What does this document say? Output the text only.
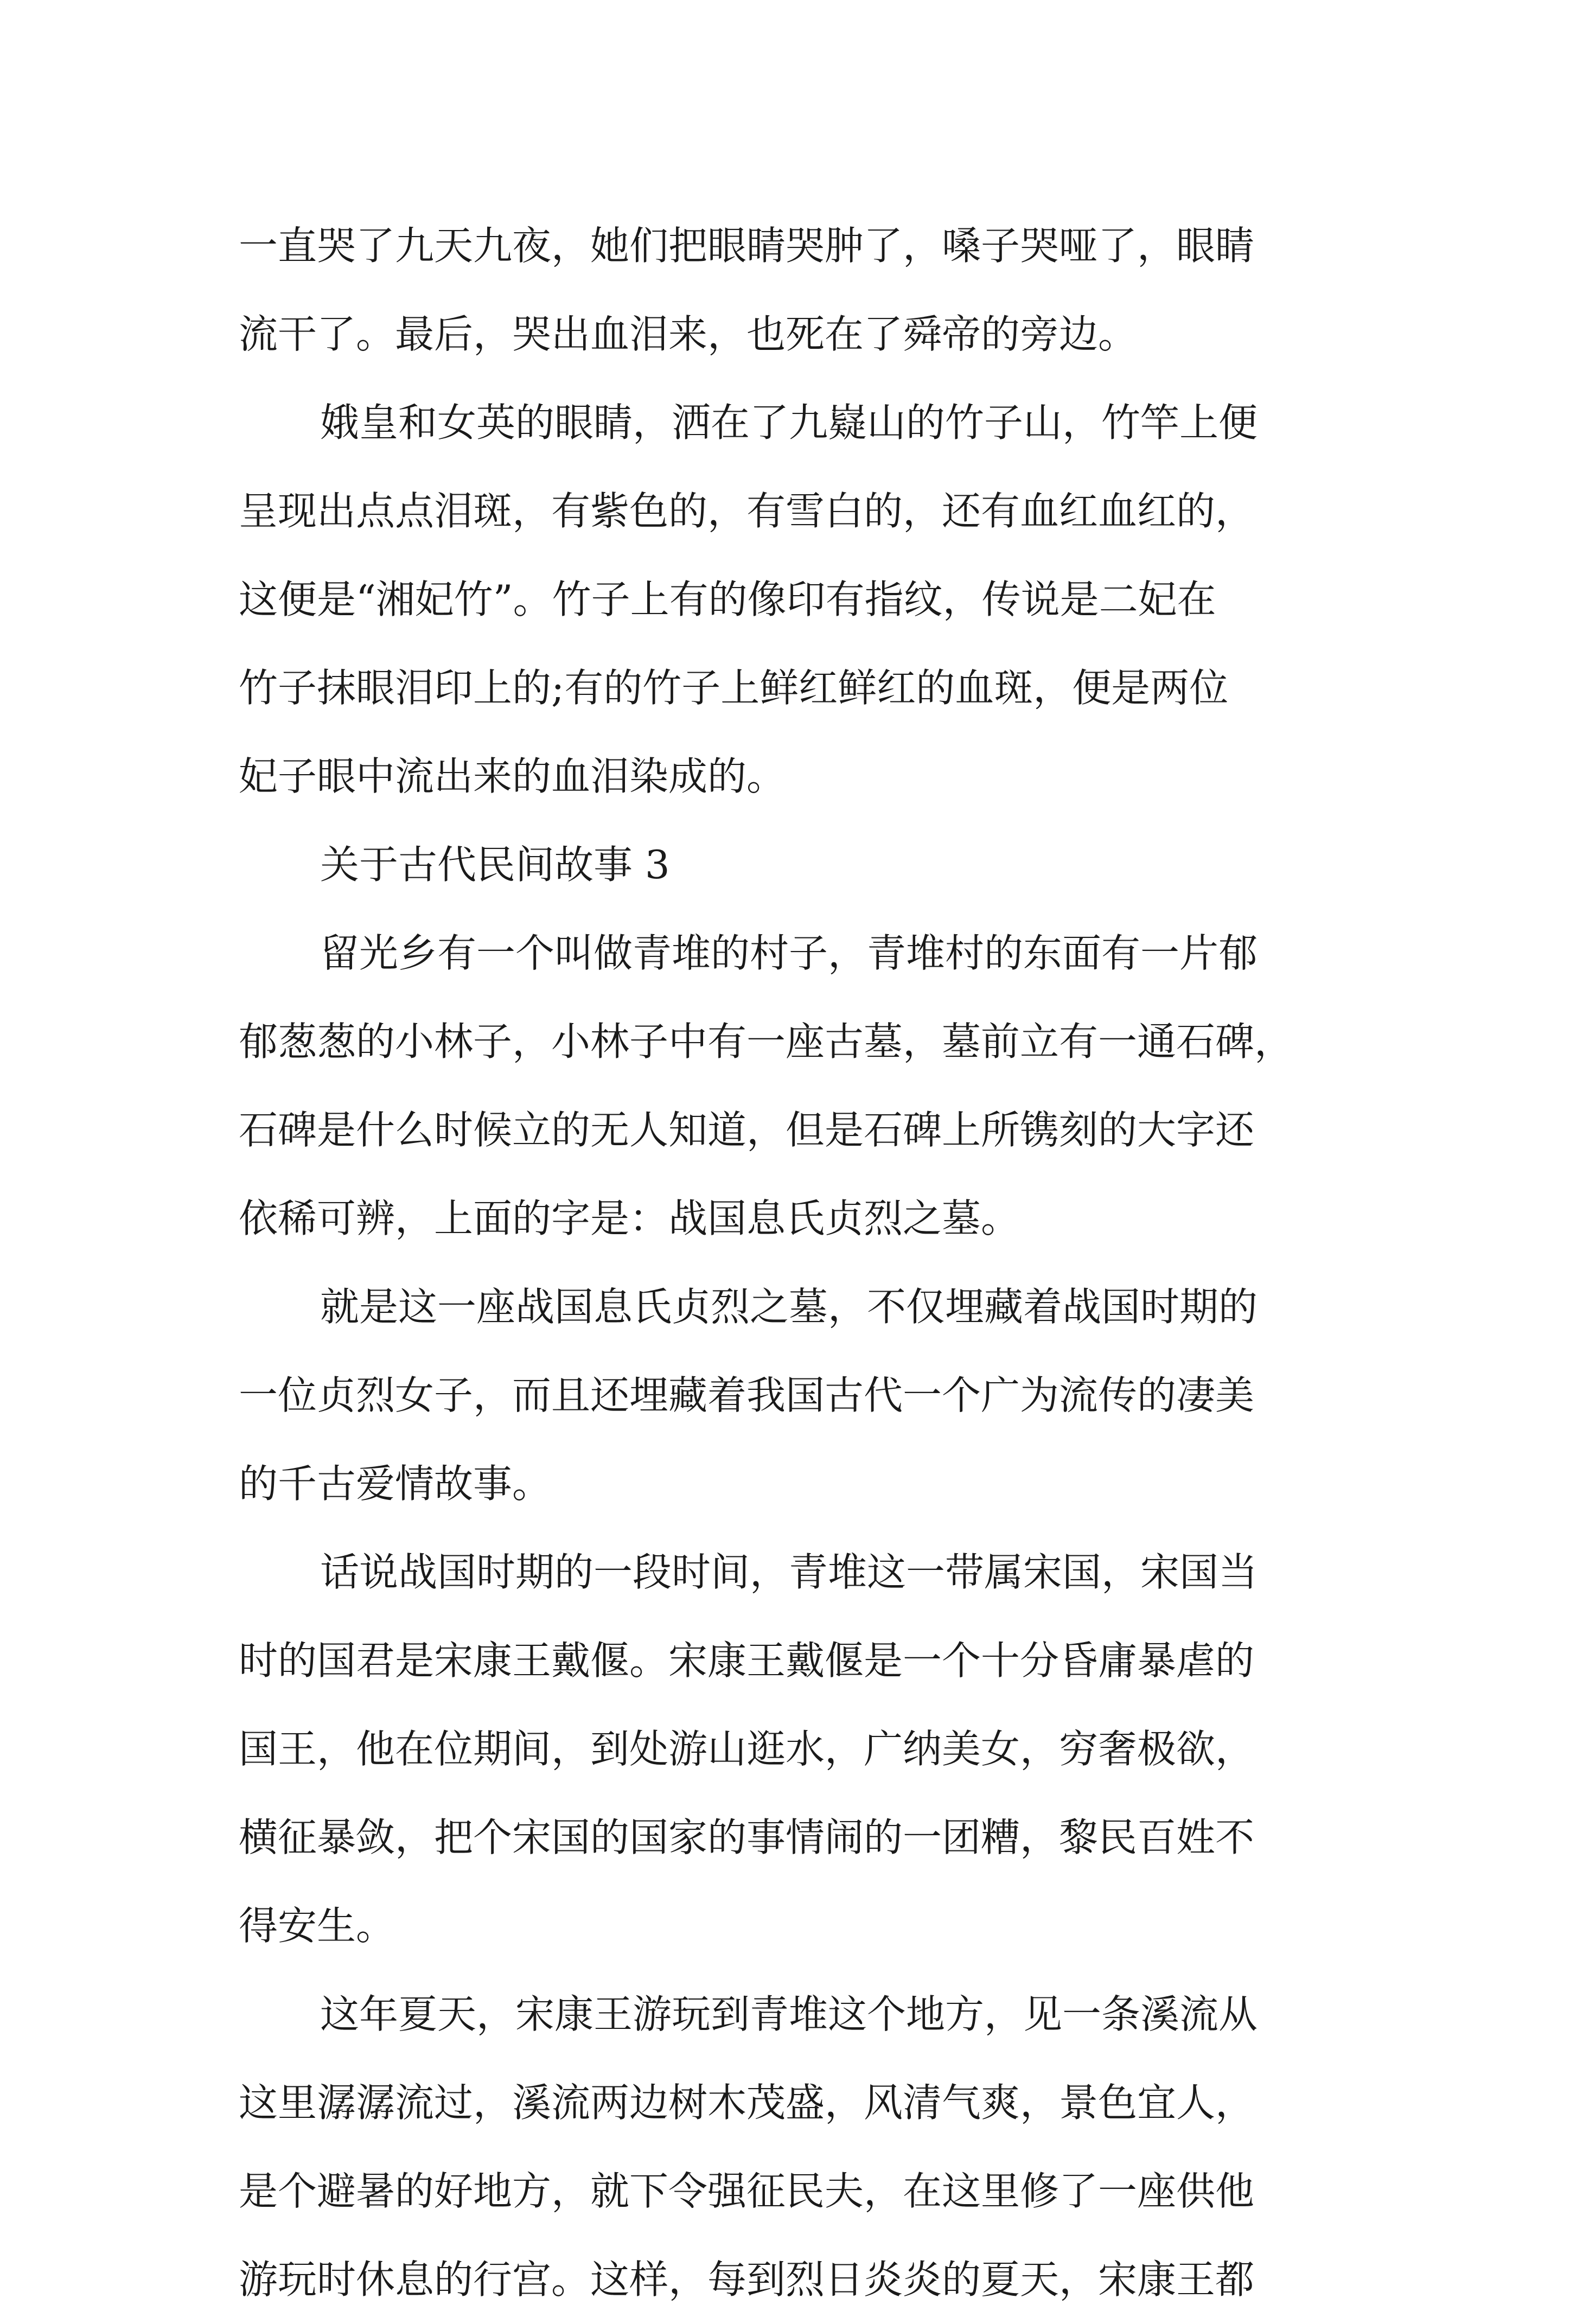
一直哭了九天九夜，她们把眼睛哭肿了，嗓子哭哑了，眼睛
流干了。最后，哭出血泪来，也死在了舜帝的旁边。
娥皇和女英的眼睛，洒在了九嶷山的竹子山，竹竿上便
呈现出点点泪斑，有紫色的，有雪白的，还有血红血红的，
这便是“湘妃竹”。竹子上有的像印有指纹，传说是二妃在
竹子抹眼泪印上的;有的竹子上鲜红鲜红的血斑，便是两位
妃子眼中流出来的血泪染成的。
关于古代民间故事 3
留光乡有一个叫做青堆的村子，青堆村的东面有一片郁
郁葱葱的小林子，小林子中有一座古墓，墓前立有一通石碑，
石碑是什么时候立的无人知道，但是石碑上所镌刻的大字还
依稀可辨，上面的字是：战国息氏贞烈之墓。
就是这一座战国息氏贞烈之墓，不仅埋藏着战国时期的
一位贞烈女子，而且还埋藏着我国古代一个广为流传的凄美
的千古爱情故事。
话说战国时期的一段时间，青堆这一带属宋国，宋国当
时的国君是宋康王戴偃。宋康王戴偃是一个十分昏庸暴虐的
国王，他在位期间，到处游山逛水，广纳美女，穷奢极欲，
横征暴敛，把个宋国的国家的事情闹的一团糟，黎民百姓不
得安生。
这年夏天，宋康王游玩到青堆这个地方，见一条溪流从
这里潺潺流过，溪流两边树木茂盛，风清气爽，景色宜人，
是个避暑的好地方，就下令强征民夫，在这里修了一座供他
游玩时休息的行宫。这样，每到烈日炎炎的夏天，宋康王都
